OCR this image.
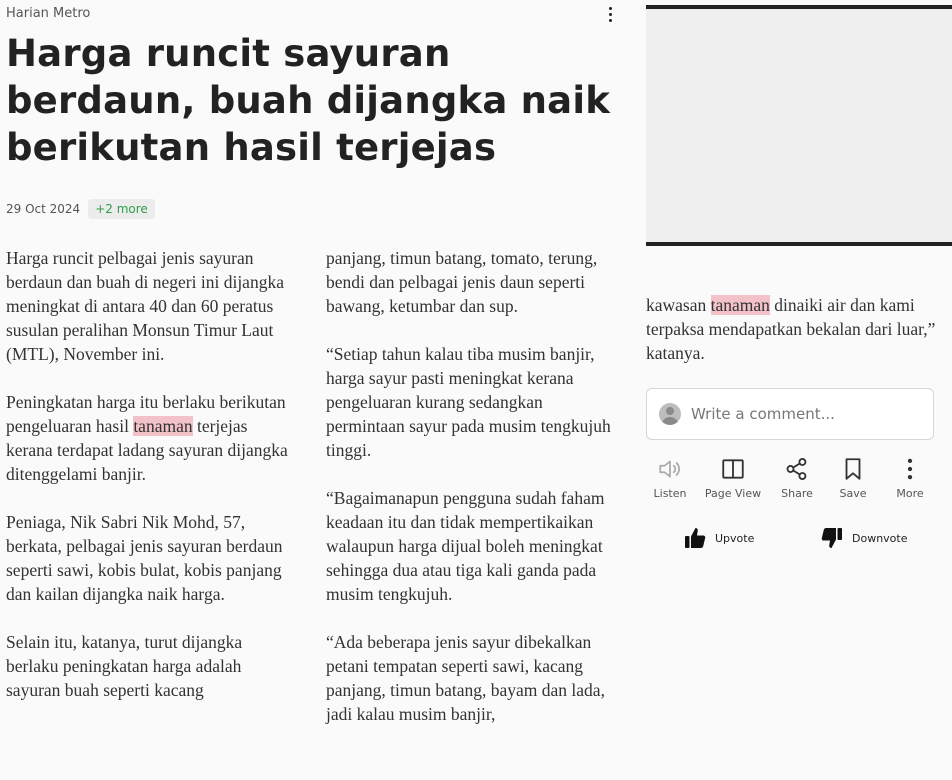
Harian Metro
Harga runcit sayuran berdaun, buah dijangka naik berikutan hasil terjejas
29 Oct 2024	+2 more

Harga runcit pelbagai jenis sayuran berdaun dan buah di negeri ini dijangka meningkat di antara 40 dan 60 peratus susulan peralihan Monsun Timur Laut (MTL), November ini.

Peningkatan harga itu berlaku berikutan pengeluaran hasil tanaman terjejas kerana terdapat ladang sayuran dijangka ditenggelami banjir.

Peniaga, Nik Sabri Nik Mohd, 57, berkata, pelbagai jenis sayuran berdaun seperti sawi, kobis bulat, kobis panjang dan kailan dijangka naik harga.

Selain itu, katanya, turut dijangka berlaku peningkatan harga adalah sayuran buah seperti kacang

panjang, timun batang, tomato, terung, bendi dan pelbagai jenis daun seperti bawang, ketumbar dan sup.

“Setiap tahun kalau tiba musim banjir, harga sayur pasti meningkat kerana pengeluaran kurang sedangkan permintaan sayur pada musim tengkujuh tinggi.

“Bagaimanapun pengguna sudah faham keadaan itu dan tidak mempertikaikan walaupun harga dijual boleh meningkat sehingga dua atau tiga kali ganda pada musim tengkujuh.

“Ada beberapa jenis sayur dibekalkan petani tempatan seperti sawi, kacang panjang, timun batang, bayam dan lada, jadi kalau musim banjir,

kawasan tanaman dinaiki air dan kami terpaksa mendapatkan bekalan dari luar,” katanya.

Write a comment...
Listen Page View Share Save	More
Upvote	Downvote
